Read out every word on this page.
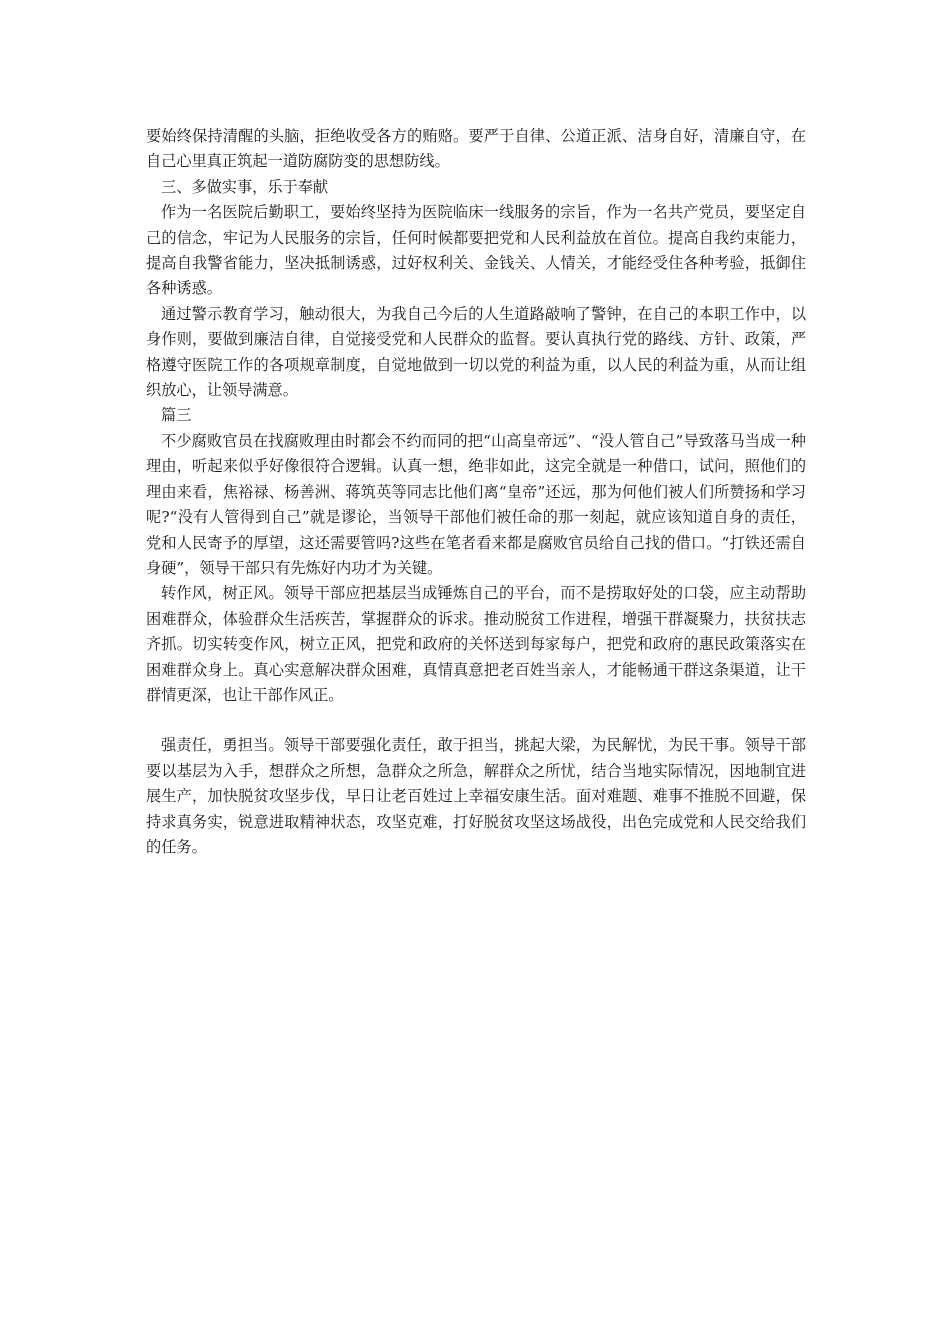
要始终保持清醒的头脑，拒绝收受各方的贿赂。要严于自律、公道正派、洁身自好，清廉自守，在自己心里真正筑起一道防腐防变的思想防线。

三、多做实事，乐于奉献

作为一名医院后勤职工，要始终坚持为医院临床一线服务的宗旨，作为一名共产党员，要坚定自己的信念，牢记为人民服务的宗旨，任何时候都要把党和人民利益放在首位。提高自我约束能力，提高自我警省能力，坚决抵制诱惑，过好权利关、金钱关、人情关，才能经受住各种考验，抵御住各种诱惑。

通过警示教育学习，触动很大，为我自己今后的人生道路敲响了警钟，在自己的本职工作中，以身作则，要做到廉洁自律，自觉接受党和人民群众的监督。要认真执行党的路线、方针、政策，严格遵守医院工作的各项规章制度，自觉地做到一切以党的利益为重，以人民的利益为重，从而让组织放心，让领导满意。

篇三

不少腐败官员在找腐败理由时都会不约而同的把“山高皇帝远”、“没人管自己”导致落马当成一种理由，听起来似乎好像很符合逻辑。认真一想，绝非如此，这完全就是一种借口，试问，照他们的理由来看，焦裕禄、杨善洲、蒋筑英等同志比他们离“皇帝”还远，那为何他们被人们所赞扬和学习呢?“没有人管得到自己”就是谬论，当领导干部他们被任命的那一刻起，就应该知道自身的责任，党和人民寄予的厚望，这还需要管吗?这些在笔者看来都是腐败官员给自己找的借口。“打铁还需自身硬”，领导干部只有先炼好内功才为关键。

转作风，树正风。领导干部应把基层当成锤炼自己的平台，而不是捞取好处的口袋，应主动帮助困难群众，体验群众生活疾苦，掌握群众的诉求。推动脱贫工作进程，增强干群凝聚力，扶贫扶志齐抓。切实转变作风，树立正风，把党和政府的关怀送到每家每户，把党和政府的惠民政策落实在困难群众身上。真心实意解决群众困难，真情真意把老百姓当亲人，才能畅通干群这条渠道，让干群情更深，也让干部作风正。

强责任，勇担当。领导干部要强化责任，敢于担当，挑起大梁，为民解忧，为民干事。领导干部要以基层为入手，想群众之所想，急群众之所急，解群众之所忧，结合当地实际情况，因地制宜进展生产，加快脱贫攻坚步伐，早日让老百姓过上幸福安康生活。面对难题、难事不推脱不回避，保持求真务实，锐意进取精神状态，攻坚克难，打好脱贫攻坚这场战役，出色完成党和人民交给我们的任务。
